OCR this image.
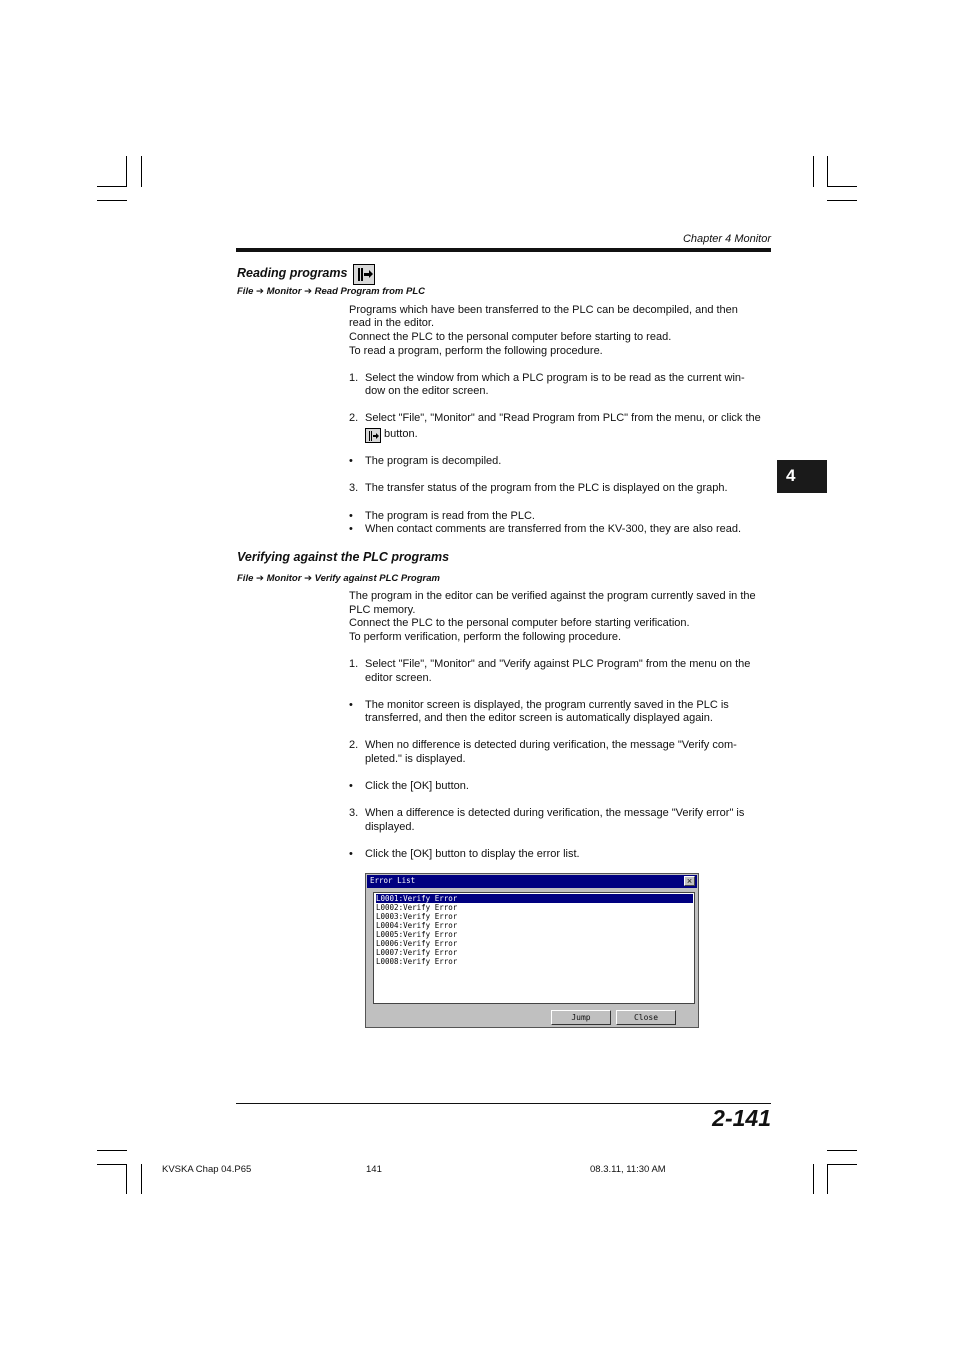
Chapter 4 Monitor
4
Reading programs
File ➔ Monitor ➔ Read Program from PLC
Programs which have been transferred to the PLC can be decompiled, and then
read in the editor.
Connect the PLC to the personal computer before starting to read.
To read a program, perform the following procedure.
1. Select the window from which a PLC program is to be read as the current win-
dow on the editor screen.
2. Select "File", "Monitor" and "Read Program from PLC" from the menu, or click the
button.
• The program is decompiled.
3. The transfer status of the program from the PLC is displayed on the graph.
• The program is read from the PLC.
• When contact comments are transferred from the KV-300, they are also read.
Verifying against the PLC programs
File ➔ Monitor ➔ Verify against PLC Program
The program in the editor can be verified against the program currently saved in the
PLC memory.
Connect the PLC to the personal computer before starting verification.
To perform verification, perform the following procedure.
1. Select "File", "Monitor" and "Verify against PLC Program" from the menu on the
editor screen.
• The monitor screen is displayed, the program currently saved in the PLC is
transferred, and then the editor screen is automatically displayed again.
2. When no difference is detected during verification, the message "Verify com-
pleted." is displayed.
• Click the [OK] button.
3. When a difference is detected during verification, the message "Verify error" is
displayed.
• Click the [OK] button to display the error list.
Error List	×
L0001:Verify Error
L0002:Verify Error
L0003:Verify Error
L0004:Verify Error
L0005:Verify Error
L0006:Verify Error
L0007:Verify Error
L0008:Verify Error
Jump	Close
2-141
KVSKA Chap 04.P65	141	08.3.11, 11:30 AM
